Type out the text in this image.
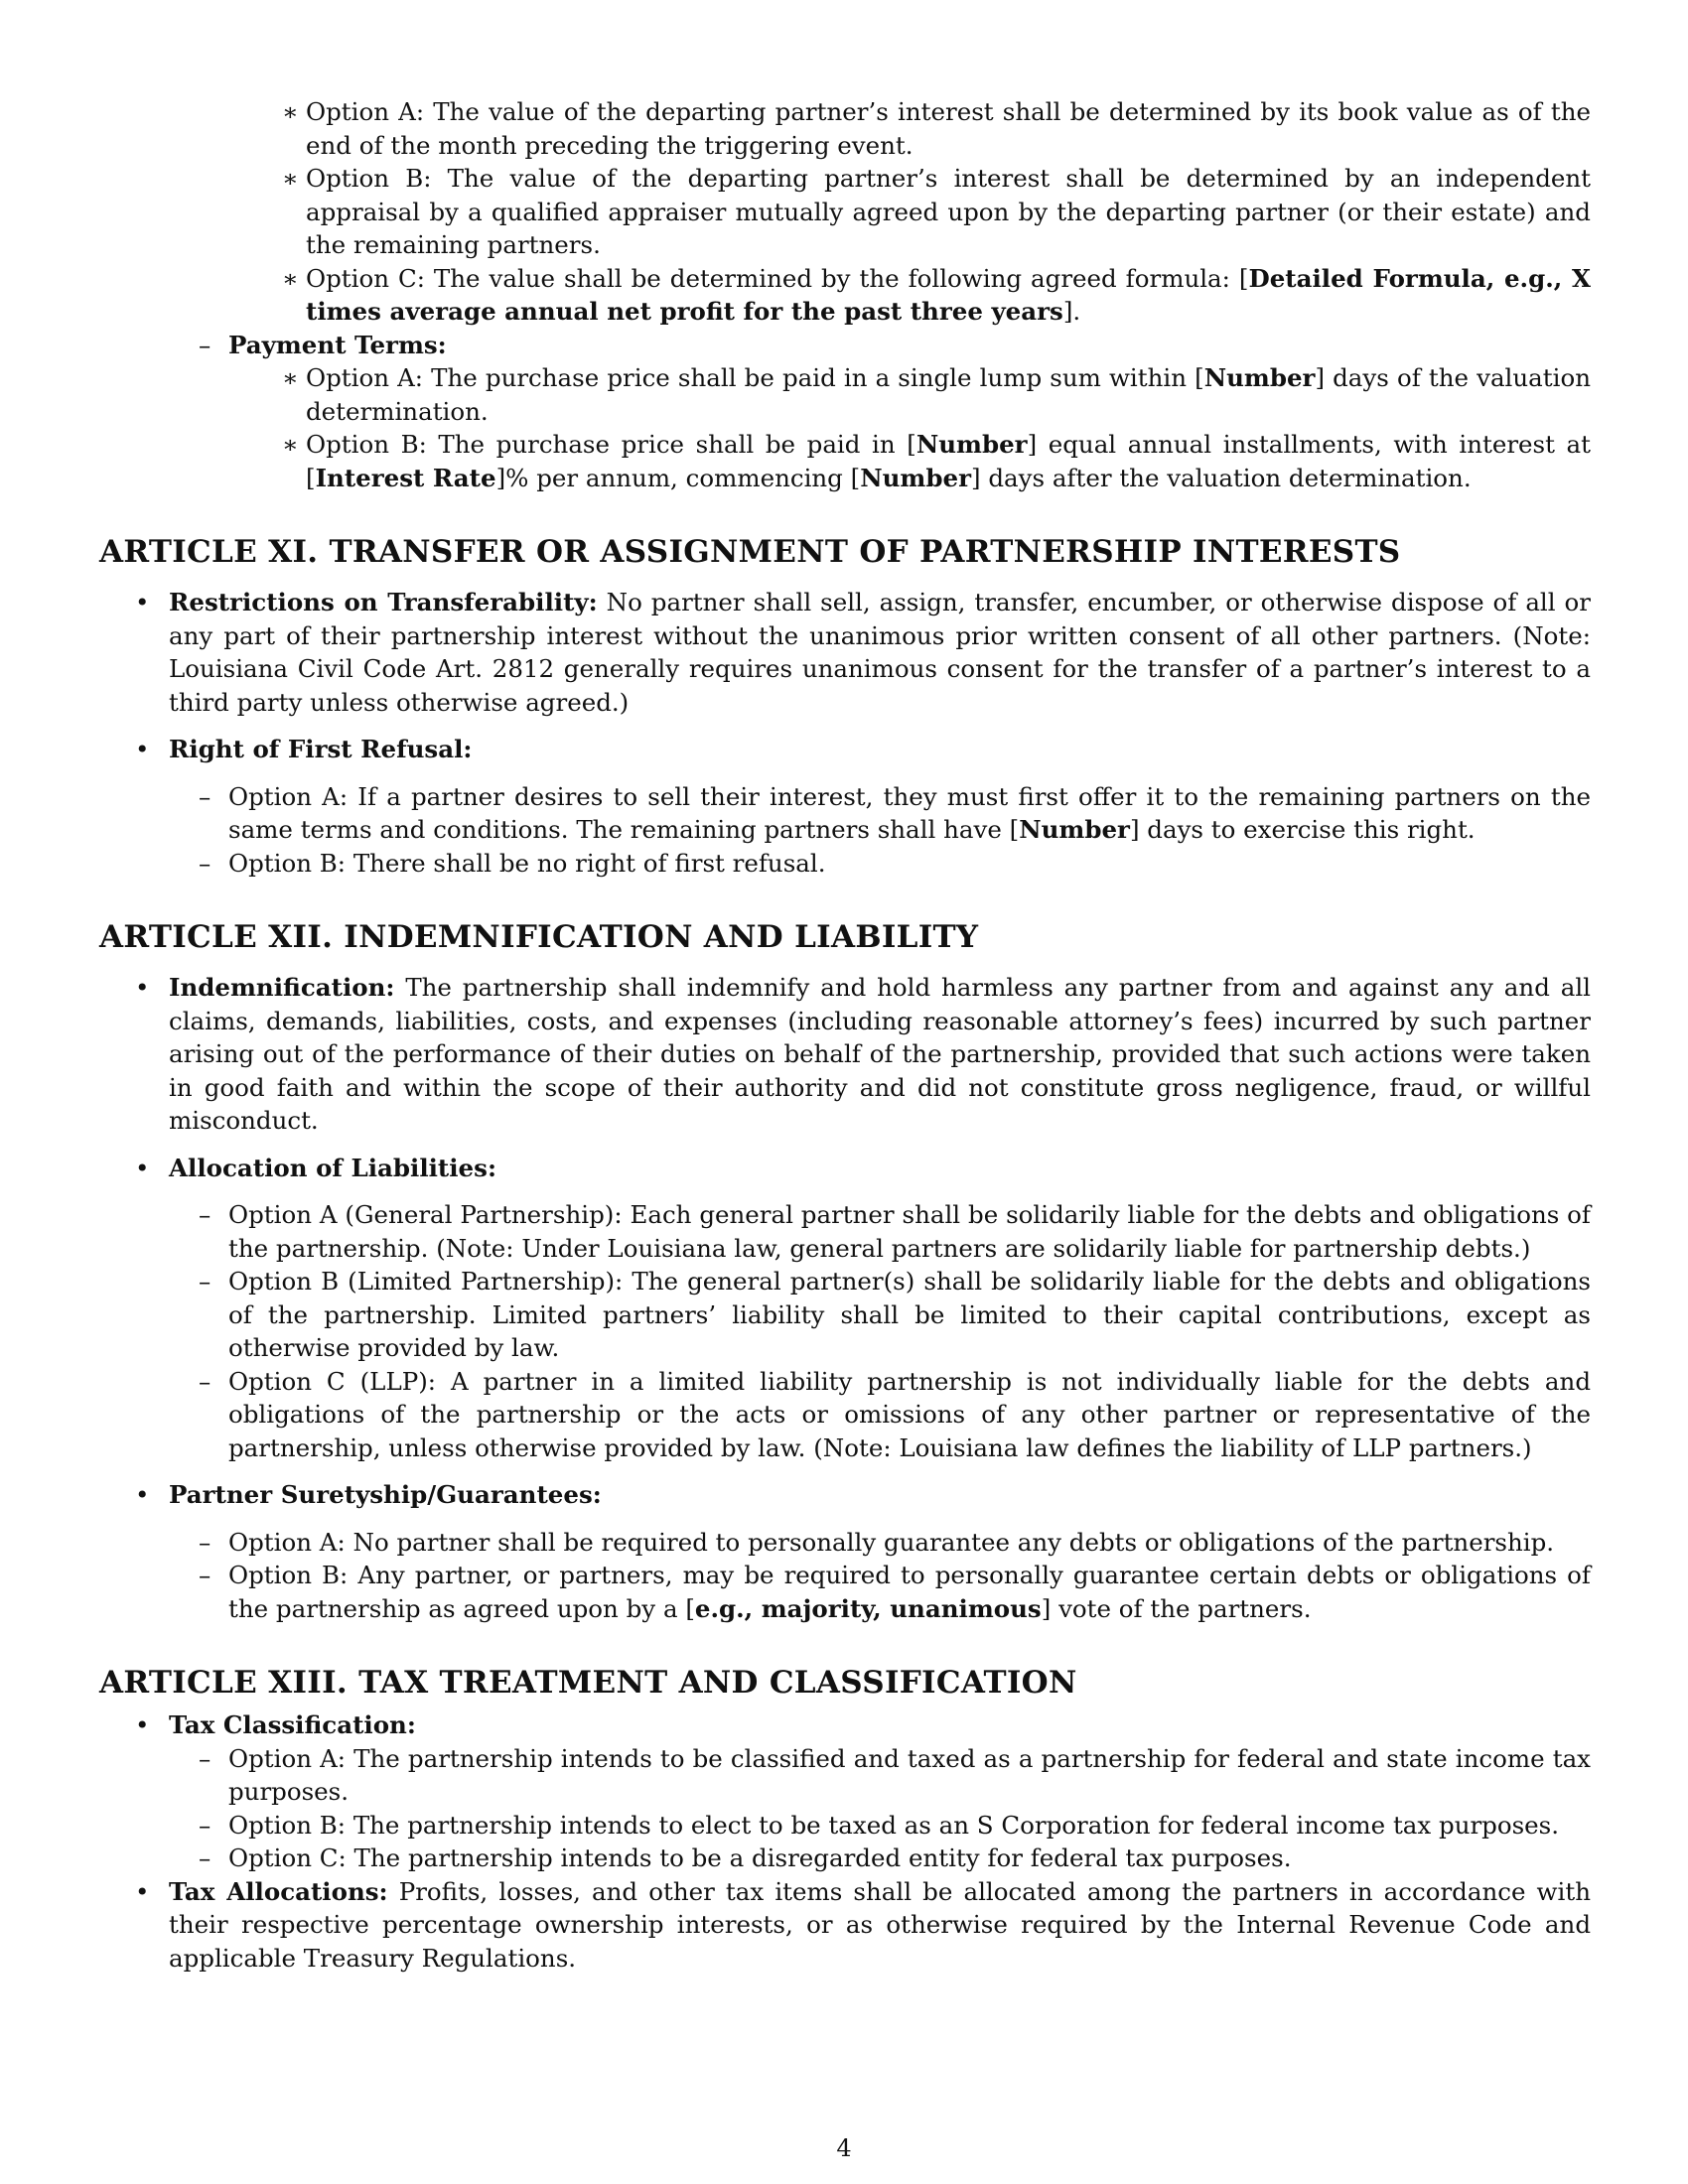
∗ Option A: The value of the departing partner’s interest shall be determined by its book value as of the end of the month preceding the triggering event.
∗ Option B: The value of the departing partner’s interest shall be determined by an independent appraisal by a qualified appraiser mutually agreed upon by the departing partner (or their estate) and the remaining partners.
∗ Option C: The value shall be determined by the following agreed formula: [Detailed Formula, e.g., X times average annual net profit for the past three years].
– Payment Terms:
∗ Option A: The purchase price shall be paid in a single lump sum within [Number] days of the valuation determination.
∗ Option B: The purchase price shall be paid in [Number] equal annual installments, with interest at [Interest Rate]% per annum, commencing [Number] days after the valuation determination.
ARTICLE XI. TRANSFER OR ASSIGNMENT OF PARTNERSHIP INTERESTS
• Restrictions on Transferability: No partner shall sell, assign, transfer, encumber, or otherwise dispose of all or any part of their partnership interest without the unanimous prior written consent of all other partners. (Note: Louisiana Civil Code Art. 2812 generally requires unanimous consent for the transfer of a partner’s interest to a third party unless otherwise agreed.)
• Right of First Refusal:
– Option A: If a partner desires to sell their interest, they must first offer it to the remaining partners on the same terms and conditions. The remaining partners shall have [Number] days to exercise this right.
– Option B: There shall be no right of first refusal.
ARTICLE XII. INDEMNIFICATION AND LIABILITY
• Indemnification: The partnership shall indemnify and hold harmless any partner from and against any and all claims, demands, liabilities, costs, and expenses (including reasonable attorney’s fees) incurred by such partner arising out of the performance of their duties on behalf of the partnership, provided that such actions were taken in good faith and within the scope of their authority and did not constitute gross negligence, fraud, or willful misconduct.
• Allocation of Liabilities:
– Option A (General Partnership): Each general partner shall be solidarily liable for the debts and obligations of the partnership. (Note: Under Louisiana law, general partners are solidarily liable for partnership debts.)
– Option B (Limited Partnership): The general partner(s) shall be solidarily liable for the debts and obligations of the partnership. Limited partners’ liability shall be limited to their capital contributions, except as otherwise provided by law.
– Option C (LLP): A partner in a limited liability partnership is not individually liable for the debts and obligations of the partnership or the acts or omissions of any other partner or representative of the partnership, unless otherwise provided by law. (Note: Louisiana law defines the liability of LLP partners.)
• Partner Suretyship/Guarantees:
– Option A: No partner shall be required to personally guarantee any debts or obligations of the partnership.
– Option B: Any partner, or partners, may be required to personally guarantee certain debts or obligations of the partnership as agreed upon by a [e.g., majority, unanimous] vote of the partners.
ARTICLE XIII. TAX TREATMENT AND CLASSIFICATION
• Tax Classification:
– Option A: The partnership intends to be classified and taxed as a partnership for federal and state income tax purposes.
– Option B: The partnership intends to elect to be taxed as an S Corporation for federal income tax purposes.
– Option C: The partnership intends to be a disregarded entity for federal tax purposes.
• Tax Allocations: Profits, losses, and other tax items shall be allocated among the partners in accordance with their respective percentage ownership interests, or as otherwise required by the Internal Revenue Code and applicable Treasury Regulations.
4
